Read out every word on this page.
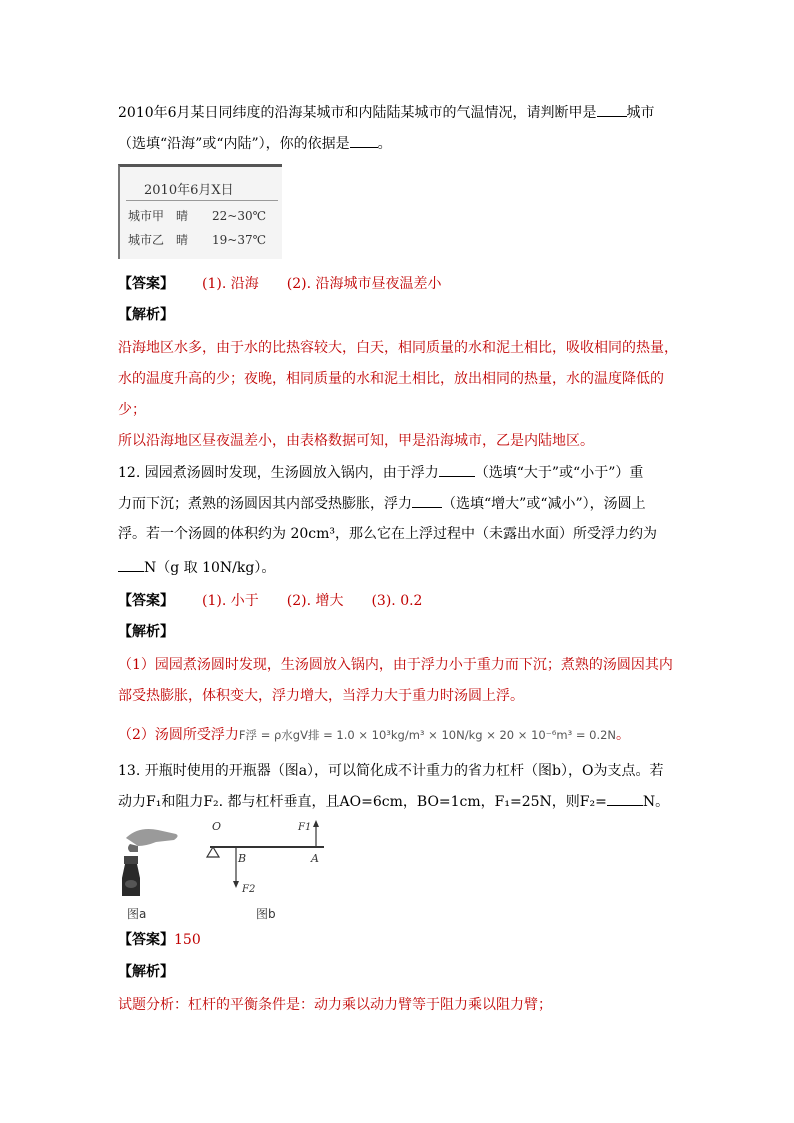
2010年6月某日同纬度的沿海某城市和内陆陆某城市的气温情况，请判断甲是 城市
（选填“沿海”或“内陆”），你的依据是 。
2010年6月X日
城市甲 晴 22~30℃
城市乙 晴 19~37℃
【答案】 (1). 沿海 (2). 沿海城市昼夜温差小
【解析】
沿海地区水多，由于水的比热容较大，白天，相同质量的水和泥土相比，吸收相同的热量，
水的温度升高的少；夜晚，相同质量的水和泥土相比，放出相同的热量，水的温度降低的
少；
所以沿海地区昼夜温差小，由表格数据可知，甲是沿海城市，乙是内陆地区。
12. 园园煮汤圆时发现，生汤圆放入锅内，由于浮力	（选填“大于”或“小于”）重
力而下沉；煮熟的汤圆因其内部受热膨胀，浮力 （选填“增大”或“减小”），汤圆上
浮。若一个汤圆的体积约为 20cm³，那么它在上浮过程中（未露出水面）所受浮力约为
N（g 取 10N/kg）。
【答案】 (1). 小于 (2). 增大 (3). 0.2
【解析】
（1）园园煮汤圆时发现，生汤圆放入锅内，由于浮力小于重力而下沉；煮熟的汤圆因其内
部受热膨胀，体积变大，浮力增大，当浮力大于重力时汤圆上浮。
（2）汤圆所受浮力F浮 = ρ水gV排 = 1.0 × 10³kg/m³ × 10N/kg × 20 × 10⁻⁶m³ = 0.2N。
13. 开瓶时使用的开瓶器（图a），可以简化成不计重力的省力杠杆（图b），O为支点。若
动力F₁和阻力F₂. 都与杠杆垂直，且AO=6cm，BO=1cm，F₁=25N，则F₂=	N。
图a
O
B	A
F1
F2
图b
【答案】150
【解析】
试题分析：杠杆的平衡条件是：动力乘以动力臂等于阻力乘以阻力臂；
